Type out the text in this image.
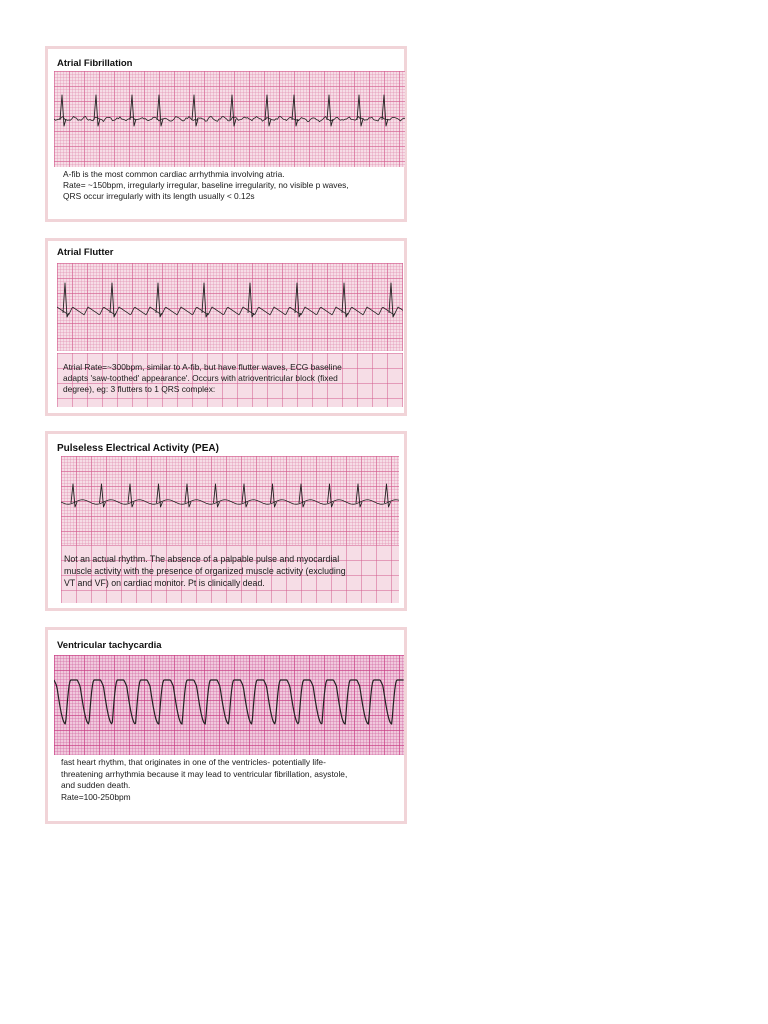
Atrial Fibrillation
A-fib is the most common cardiac arrhythmia involving atria.
Rate= ~150bpm, irregularly irregular, baseline irregularity, no visible p waves,
QRS occur irregularly with its length usually < 0.12s
Atrial Flutter
Atrial Rate=~300bpm, similar to A-fib, but have flutter waves, ECG baseline
adapts 'saw-toothed' appearance'. Occurs with atrioventricular block (fixed
degree), eg: 3 flutters to 1 QRS complex:
Pulseless Electrical Activity (PEA)
Not an actual rhythm. The absence of a palpable pulse and myocardial
muscle activity with the presence of organized muscle activity (excluding
VT and VF) on cardiac monitor. Pt is clinically dead.
Ventricular tachycardia
fast heart rhythm, that originates in one of the ventricles- potentially life-
threatening arrhythmia because it may lead to ventricular fibrillation, asystole,
and sudden death.
Rate=100-250bpm
